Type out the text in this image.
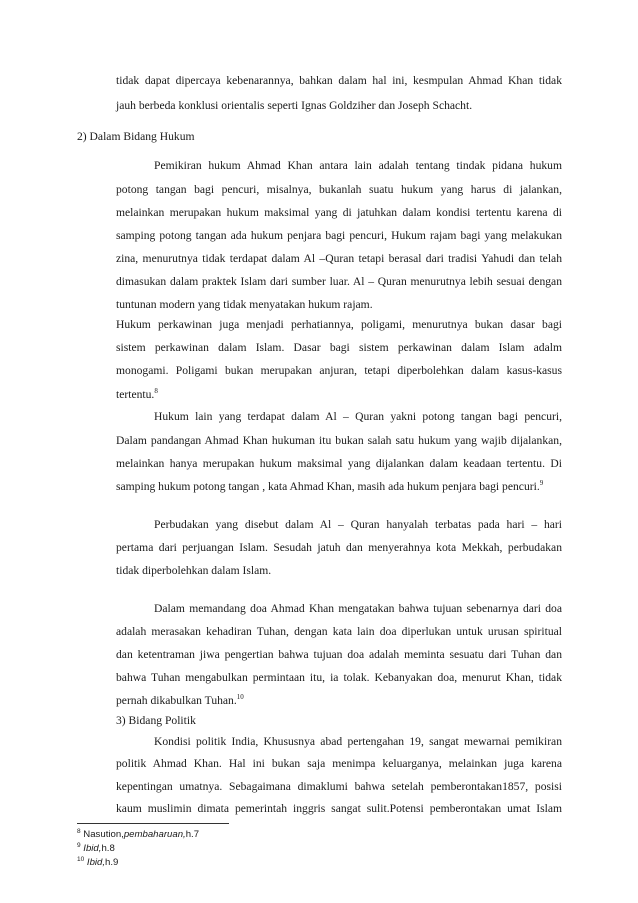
tidak dapat dipercaya kebenarannya, bahkan dalam hal ini, kesmpulan Ahmad Khan tidak
jauh berbeda konklusi orientalis seperti Ignas Goldziher dan Joseph Schacht.
2) Dalam Bidang Hukum
Pemikiran hukum Ahmad Khan antara lain adalah tentang tindak pidana hukum
potong tangan bagi pencuri, misalnya, bukanlah suatu hukum yang harus di jalankan,
melainkan merupakan hukum maksimal yang di jatuhkan dalam kondisi tertentu karena di
samping potong tangan ada hukum penjara bagi pencuri, Hukum rajam bagi yang melakukan
zina, menurutnya tidak terdapat dalam Al –Quran tetapi berasal dari tradisi Yahudi dan telah
dimasukan dalam praktek Islam dari sumber luar. Al – Quran menurutnya lebih sesuai dengan
tuntunan modern yang tidak menyatakan hukum rajam.
Hukum perkawinan juga menjadi perhatiannya, poligami, menurutnya bukan dasar bagi
sistem perkawinan dalam Islam. Dasar bagi sistem perkawinan dalam Islam adalm
monogami. Poligami bukan merupakan anjuran, tetapi diperbolehkan dalam kasus-kasus
tertentu.$^8$
Hukum lain yang terdapat dalam Al – Quran yakni potong tangan bagi pencuri,
Dalam pandangan Ahmad Khan hukuman itu bukan salah satu hukum yang wajib dijalankan,
melainkan hanya merupakan hukum maksimal yang dijalankan dalam keadaan tertentu. Di
samping hukum potong tangan , kata Ahmad Khan, masih ada hukum penjara bagi pencuri.$^9$
Perbudakan yang disebut dalam Al – Quran hanyalah terbatas pada hari – hari
pertama dari perjuangan Islam. Sesudah jatuh dan menyerahnya kota Mekkah, perbudakan
tidak diperbolehkan dalam Islam.
Dalam memandang doa Ahmad Khan mengatakan bahwa tujuan sebenarnya dari doa
adalah merasakan kehadiran Tuhan, dengan kata lain doa diperlukan untuk urusan spiritual
dan ketentraman jiwa pengertian bahwa tujuan doa adalah meminta sesuatu dari Tuhan dan
bahwa Tuhan mengabulkan permintaan itu, ia tolak. Kebanyakan doa, menurut Khan, tidak
pernah dikabulkan Tuhan.$^{10}$
3) Bidang Politik
Kondisi politik India, Khususnya abad pertengahan 19, sangat mewarnai pemikiran
politik Ahmad Khan. Hal ini bukan saja menimpa keluarganya, melainkan juga karena
kepentingan umatnya. Sebagaimana dimaklumi bahwa setelah pemberontakan1857, posisi
kaum muslimin dimata pemerintah inggris sangat sulit.Potensi pemberontakan umat Islam
$^8$ Nasution,pembaharuan,h.7
$^9$ Ibid,h.8
$^{10}$ Ibid,h.9
